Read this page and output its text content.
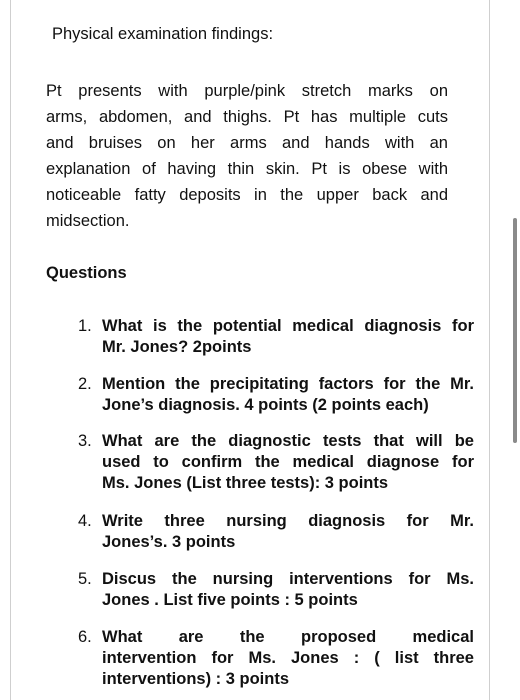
Physical examination findings:
Pt presents with purple/pink stretch marks on
arms, abdomen, and thighs. Pt has multiple cuts
and bruises on her arms and hands with an
explanation of having thin skin. Pt is obese with
noticeable fatty deposits in the upper back and
midsection.
Questions
1. What is the potential medical diagnosis for
Mr. Jones? 2points
2. Mention the precipitating factors for the Mr.
Jone’s diagnosis. 4 points (2 points each)
3. What are the diagnostic tests that will be
used to confirm the medical diagnose for
Ms. Jones (List three tests): 3 points
4. Write three nursing diagnosis for Mr.
Jones’s. 3 points
5. Discus the nursing interventions for Ms.
Jones . List five points : 5 points
6. What are the proposed medical
intervention for Ms. Jones : ( list three
interventions) : 3 points
